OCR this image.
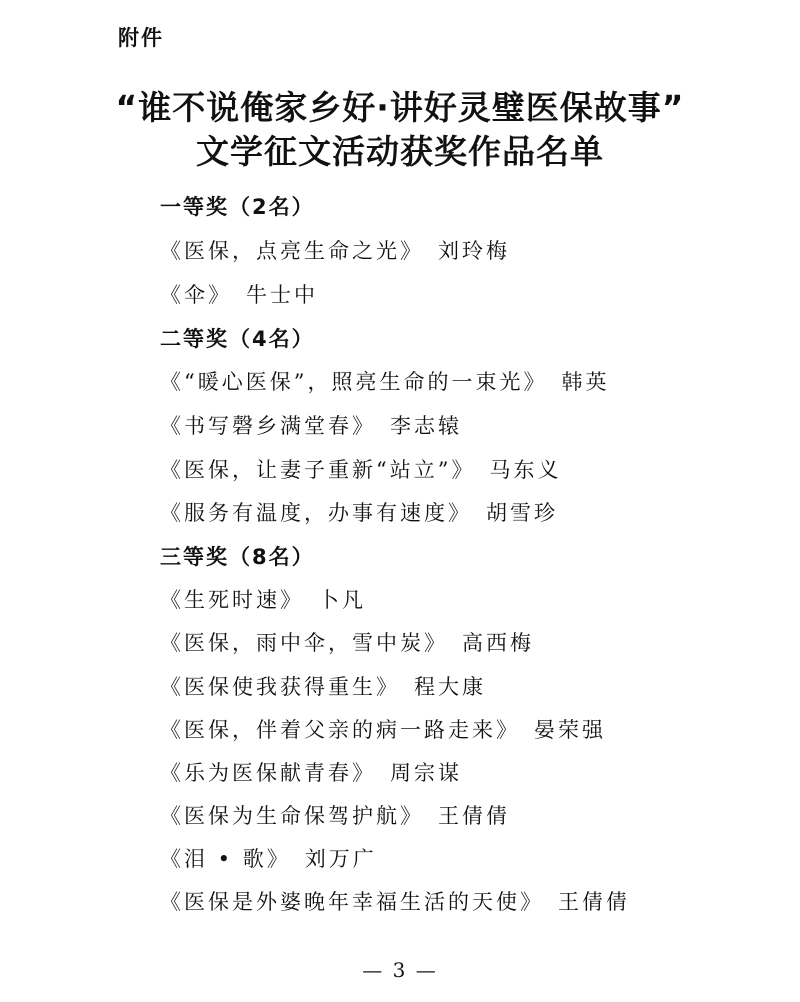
附件
“谁不说俺家乡好·讲好灵璧医保故事”
文学征文活动获奖作品名单
一等奖（2名）
《医保，点亮生命之光》 刘玲梅
《伞》 牛士中
二等奖（4名）
《“暖心医保”，照亮生命的一束光》 韩英
《书写磬乡满堂春》 李志辕
《医保，让妻子重新“站立”》 马东义
《服务有温度，办事有速度》 胡雪珍
三等奖（8名）
《生死时速》 卜凡
《医保，雨中伞，雪中炭》 高西梅
《医保使我获得重生》 程大康
《医保，伴着父亲的病一路走来》 晏荣强
《乐为医保献青春》 周宗谋
《医保为生命保驾护航》 王倩倩
《泪 • 歌》 刘万广
《医保是外婆晚年幸福生活的天使》 王倩倩
— 3 —
